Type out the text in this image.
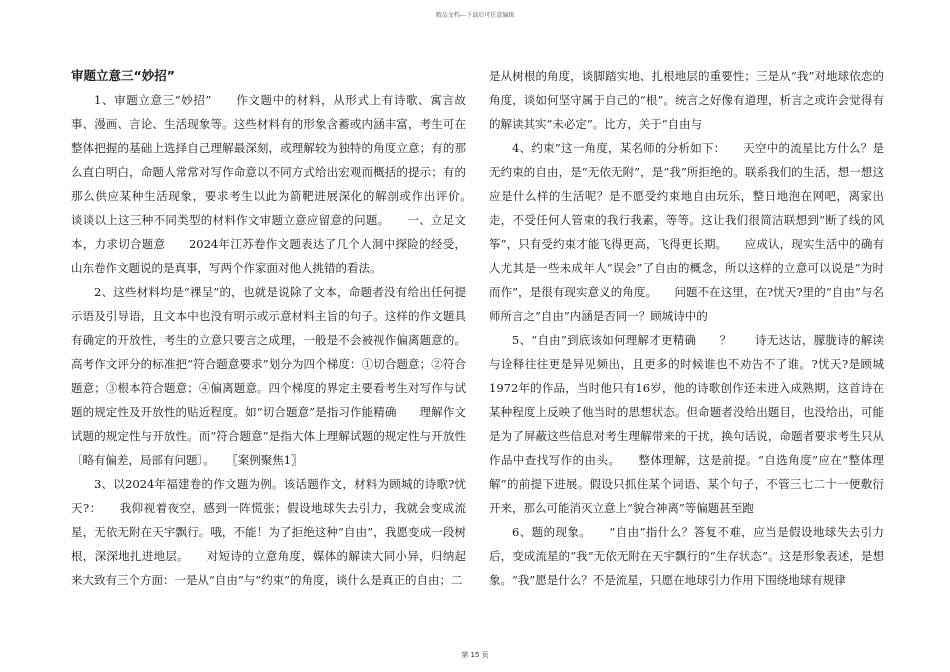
精品文档---下载后可任意编辑

审题立意三“妙招”

1、审题立意三“妙招”　　作文题中的材料，从形式上有诗歌、寓言故事、漫画、言论、生活现象等。这些材料有的形象含蓄或内涵丰富，考生可在整体把握的基础上选择自己理解最深刻，或理解较为独特的角度立意；有的那么直白明白，命题人常常对写作命意以不同方式给出宏观而概括的提示；有的那么供应某种生活现象，要求考生以此为箭靶进展深化的解剖或作出评价。　　谈谈以上这三种不同类型的材料作文审题立意应留意的问题。　　一、立足文本，力求切合题意　　2024年江苏卷作文题表达了几个人洞中探险的经受，山东卷作文题说的是真事，写两个作家面对他人挑错的看法。

2、这些材料均是“裸呈”的，也就是说除了文本，命题者没有给出任何提示语及引导语，且文本中也没有明示或示意材料主旨的句子。这样的作文题具有确定的开放性，考生的立意只要言之成理，一般是不会被视作偏离题意的。高考作文评分的标准把“符合题意要求”划分为四个梯度：①切合题意；②符合题意；③根本符合题意；④偏离题意。四个梯度的界定主要看考生对写作与试题的规定性及开放性的贴近程度。如“切合题意”是指习作能精确　　理解作文试题的规定性与开放性。而“符合题意”是指大体上理解试题的规定性与开放性〔略有偏差，局部有问题〕。　　〖案例聚焦1〗

3、以2024年福建卷的作文题为例。该话题作文，材料为顾城的诗歌?忧天?：　　我仰视着夜空，感到一阵慌张；假设地球失去引力，我就会变成流星，无依无附在天宇飘行。哦，不能！为了拒绝这种“自由”，我愿变成一段树根，深深地扎进地层。　　对短诗的立意角度，媒体的解读大同小异，归纳起来大致有三个方面：一是从“自由”与“约束”的角度，谈什么是真正的自由；二

是从树根的角度，谈脚踏实地、扎根地层的重要性；三是从“我”对地球依恋的角度，谈如何坚守属于自己的“根”。统言之好像有道理，析言之或许会觉得有的解读其实“未必定”。比方，关于“自由与

4、约束”这一角度，某名师的分析如下：　　天空中的流星比方什么？是无约束的自由，是“无依无附”，是“我”所拒绝的。联系我们的生活，想一想这应是什么样的生活呢？是不愿受约束地自由玩乐，整日地泡在网吧，离家出走，不受任何人管束的我行我素，等等。这让我们很简洁联想到“断了线的风筝”，只有受约束才能飞得更高，飞得更长期。　　应成认，现实生活中的确有人尤其是一些未成年人“误会”了自由的概念，所以这样的立意可以说是“为时而作”，是很有现实意义的角度。　　问题不在这里，在?忧天?里的“自由”与名师所言之“自由”内涵是否同一？顾城诗中的

5、“自由”到底该如何理解才更精确　　？　　诗无达诂，朦胧诗的解读与诠释往往更是异见频出，且更多的时候谁也不劝告不了谁。?忧天?是顾城1972年的作品，当时他只有16岁，他的诗歌创作还未进入成熟期，这首诗在某种程度上反映了他当时的思想状态。但命题者没给出题目，也没给出，可能是为了屏蔽这些信息对考生理解带来的干扰，换句话说，命题者要求考生只从作品中查找写作的由头。　　整体理解，这是前提。“自选角度”应在“整体理解”的前提下进展。假设只抓住某个词语、某个句子，不管三七二十一便敷衍开来，那么可能消灭立意上“貌合神离”等偏题甚至跑

6、题的现象。　　“自由”指什么？答复不难，应当是假设地球失去引力后，变成流星的“我”无依无附在天宇飘行的“生存状态”。这是形象表述，是想象。“我”愿是什么？不是流星，只愿在地球引力作用下围绕地球有规律

第 15 页
